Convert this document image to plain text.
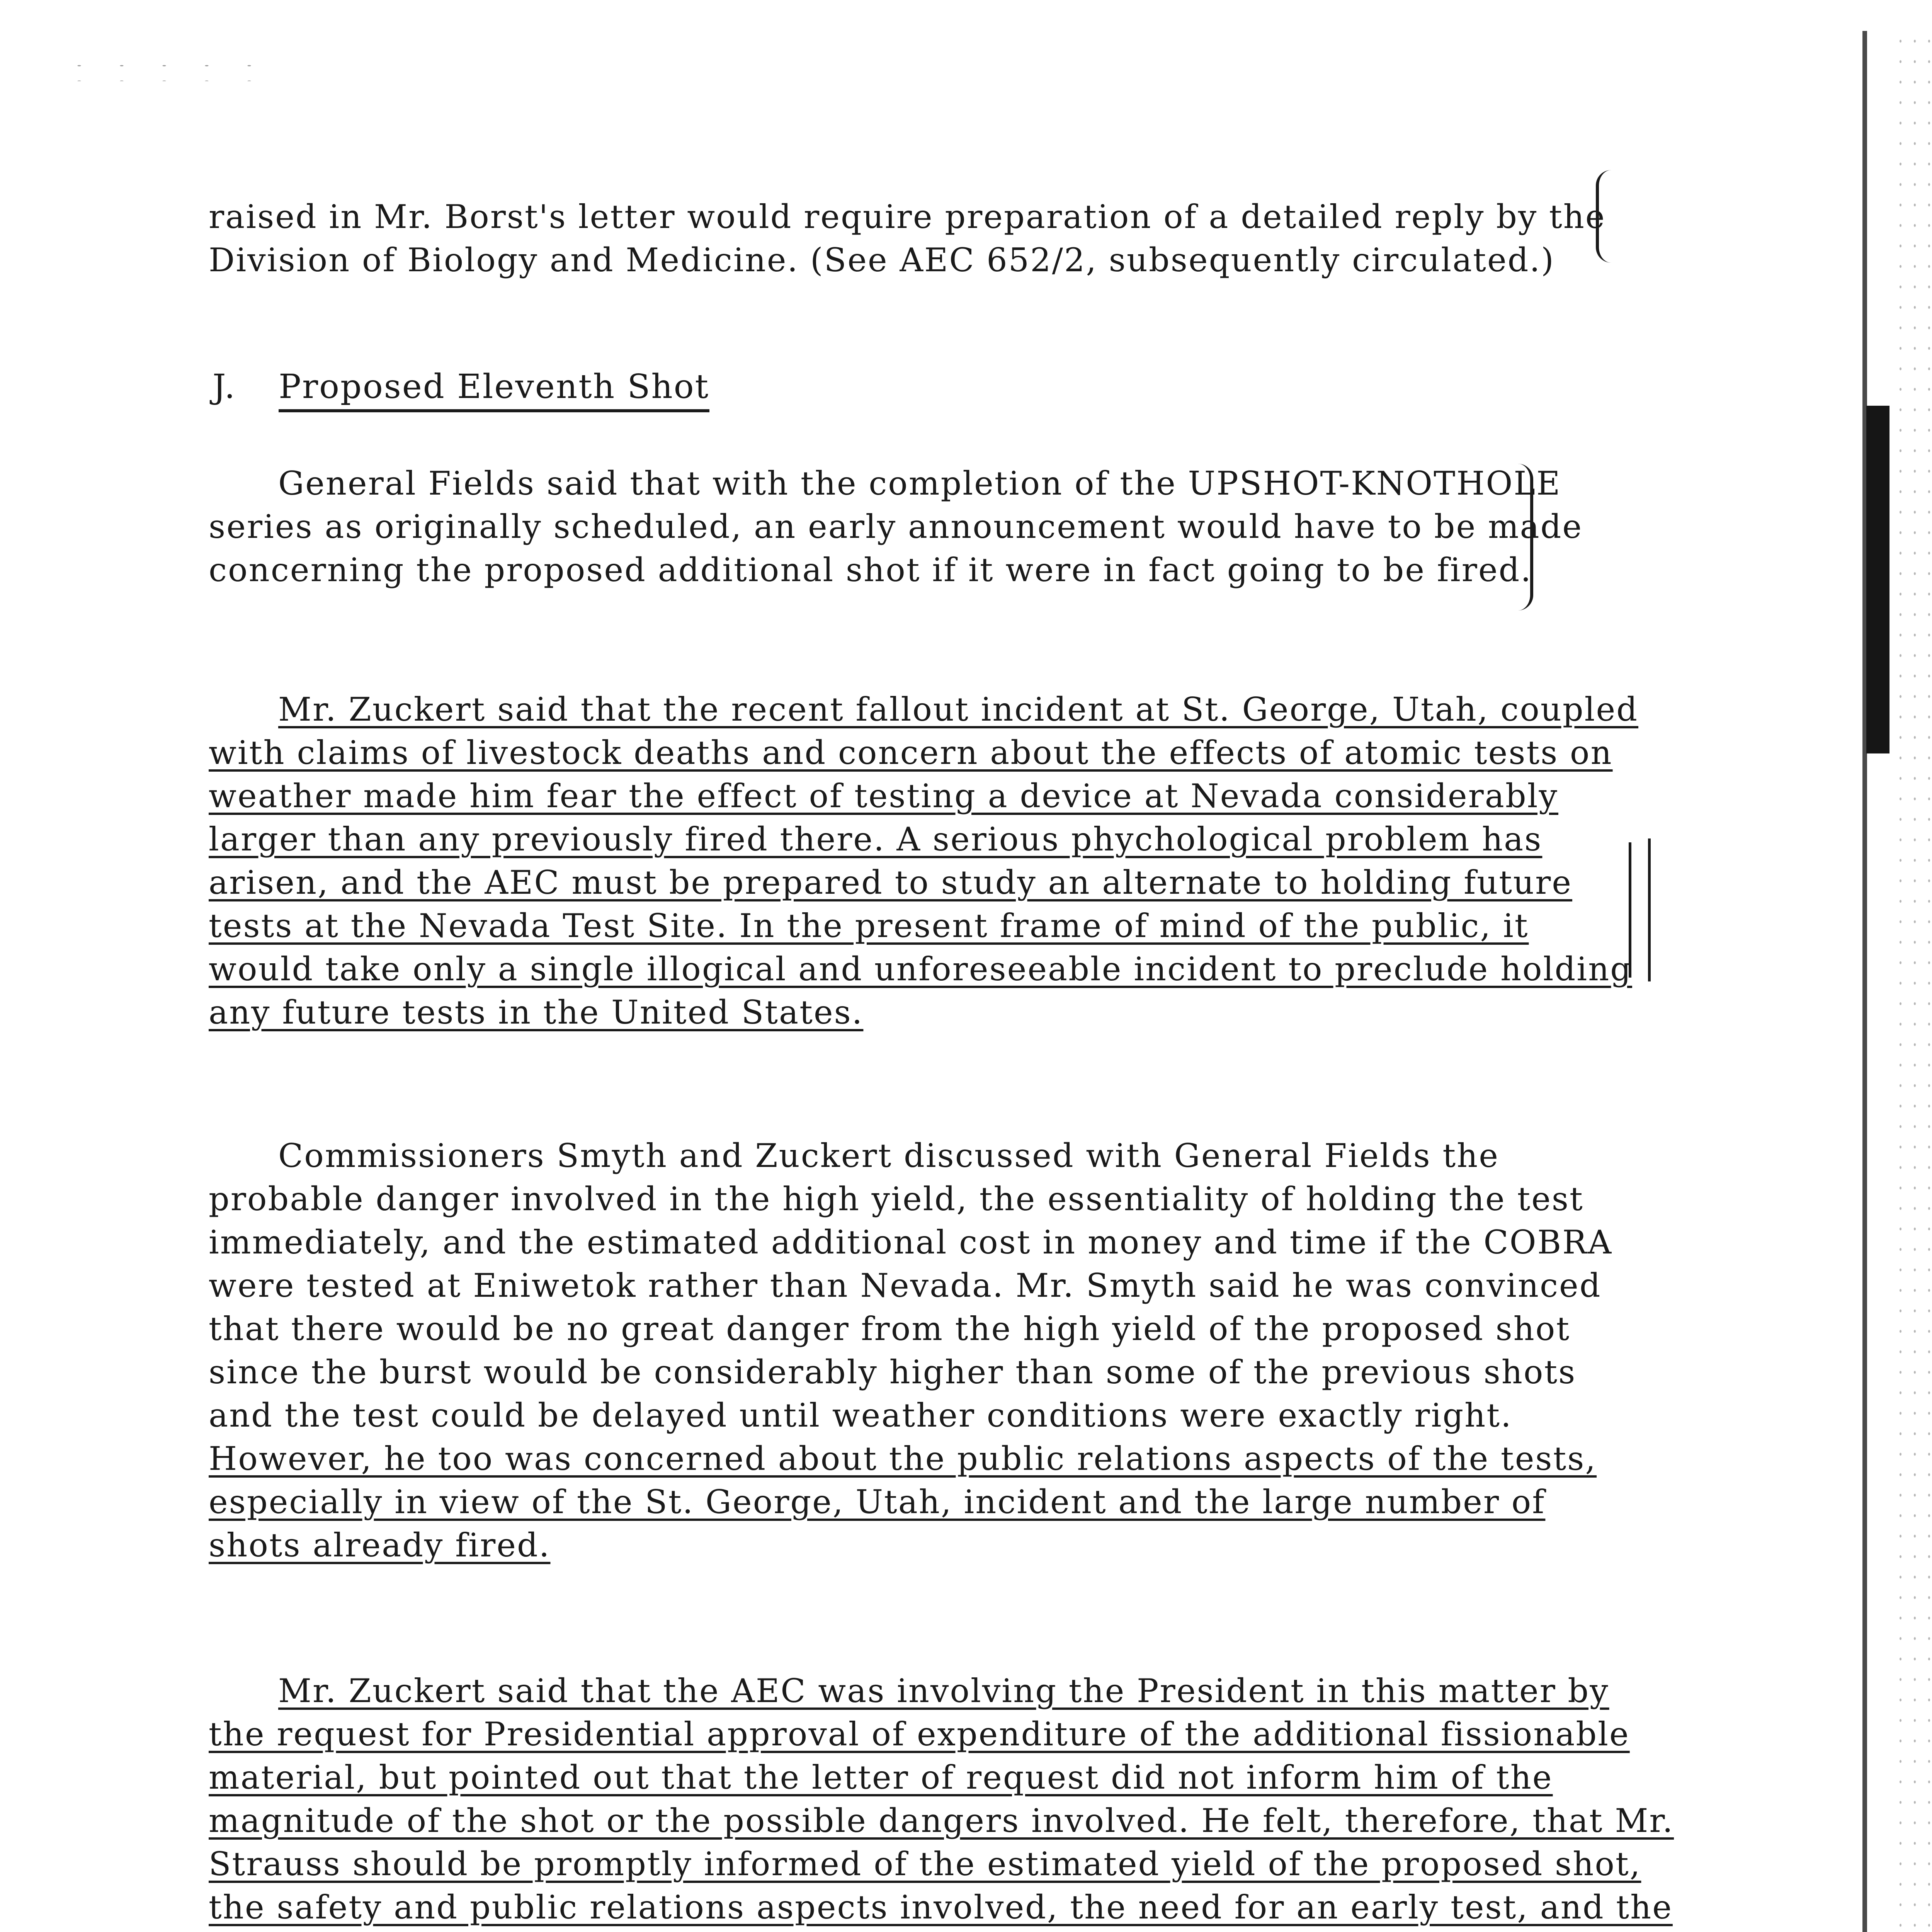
raised in Mr. Borst's letter would require preparation of a detailed reply by the Division of Biology and Medicine. (See AEC 652/2, subsequently circulated.)

J. Proposed Eleventh Shot

General Fields said that with the completion of the UPSHOT-KNOTHOLE series as originally scheduled, an early announcement would have to be made concerning the proposed additional shot if it were in fact going to be fired.

Mr. Zuckert said that the recent fallout incident at St. George, Utah, coupled with claims of livestock deaths and concern about the effects of atomic tests on weather made him fear the effect of testing a device at Nevada considerably larger than any previously fired there. A serious phychological problem has arisen, and the AEC must be prepared to study an alternate to holding future tests at the Nevada Test Site. In the present frame of mind of the public, it would take only a single illogical and unforeseeable incident to preclude holding any future tests in the United States.

Commissioners Smyth and Zuckert discussed with General Fields the probable danger involved in the high yield, the essentiality of holding the test immediately, and the estimated additional cost in money and time if the COBRA were tested at Eniwetok rather than Nevada. Mr. Smyth said he was convinced that there would be no great danger from the high yield of the proposed shot since the burst would be considerably higher than some of the previous shots and the test could be delayed until weather conditions were exactly right. However, he too was concerned about the public relations aspects of the tests, especially in view of the St. George, Utah, incident and the large number of shots already fired.

Mr. Zuckert said that the AEC was involving the President in this matter by the request for Presidential approval of expenditure of the additional fissionable material, but pointed out that the letter of request did not inform him of the magnitude of the shot or the possible dangers involved. He felt, therefore, that Mr. Strauss should be promptly informed of the estimated yield of the proposed shot, the safety and public relations aspects involved, the need for an early test, and the
